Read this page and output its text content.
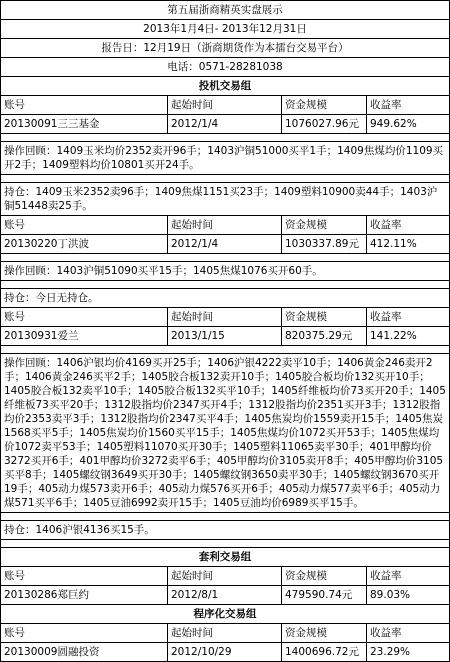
第五届浙商精英实盘展示			
2013年1月4日- 2013年12月31日			
报告日：12月19日（浙商期货作为本擂台交易平台）			
电话：0571-28281038			
投机交易组			
账号	起始时间	资金规模	收益率
20130091三三基金	2012/1/4	1076027.96元	949.62%

操作回顾：1409玉米均价2352卖开96手；1403沪铜51000买平1手；1409焦煤均价1109买开2手；1409塑料均价10801买开24手。			

持仓：1409玉米2352卖96手；1409焦煤1151买23手；1409塑料10900卖44手；1403沪铜51448卖25手。			
账号	起始时间	资金规模	收益率
20130220丁洪波	2012/1/4	1030337.89元	412.11%

操作回顾：1403沪铜51090买平15手；1405焦煤1076买开60手。			

持仓：今日无持仓。			
账号	起始时间	资金规模	收益率
20130931爱兰	2013/1/15	820375.29元	141.22%

操作回顾：1406沪银均价4169买开25手；1406沪银4222卖平10手；1406黄金246卖开2手；1406黄金246买平2手；1405胶合板132卖开10手；1405胶合板均价132买开10手；1405胶合板132卖平10手；1405胶合板132买平10手；1405纤维板均价73买开20手；1405纤维板73买平20手；1312股指均价2347买开4手；1312股指均价2351买开3手；1312股指均价2353卖平3手；1312股指均价2347买平4手；1405焦炭均价1559卖开15手；1405焦炭1568买平5手；1405焦炭均价1560买平15手；1405焦煤均价1072买开53手；1405焦煤均价1072卖平53手；1405塑料11070买开30手；1405塑料11065卖平30手；401甲醇均价3272买开6手；401甲醇均价3272卖平6手；405甲醇均价3105卖开8手；405甲醇均价3105买平8手；1405螺纹钢3649买开30手；1405螺纹钢3650卖平30手；1405螺纹钢3670买开19手；405动力煤573卖开6手；405动力煤576买开6手；405动力煤577卖平6手；405动力煤571买平6手；1405豆油6992卖开15手；1405豆油均价6989买平15手。			

持仓：1406沪银4136买15手。			

套利交易组			
账号	起始时间	资金规模	收益率
20130286郑巨约	2012/8/1	479590.74元	89.03%
程序化交易组			
账号	起始时间	资金规模	收益率
20130009圆融投资	2012/10/29	1400696.72元	23.29%
